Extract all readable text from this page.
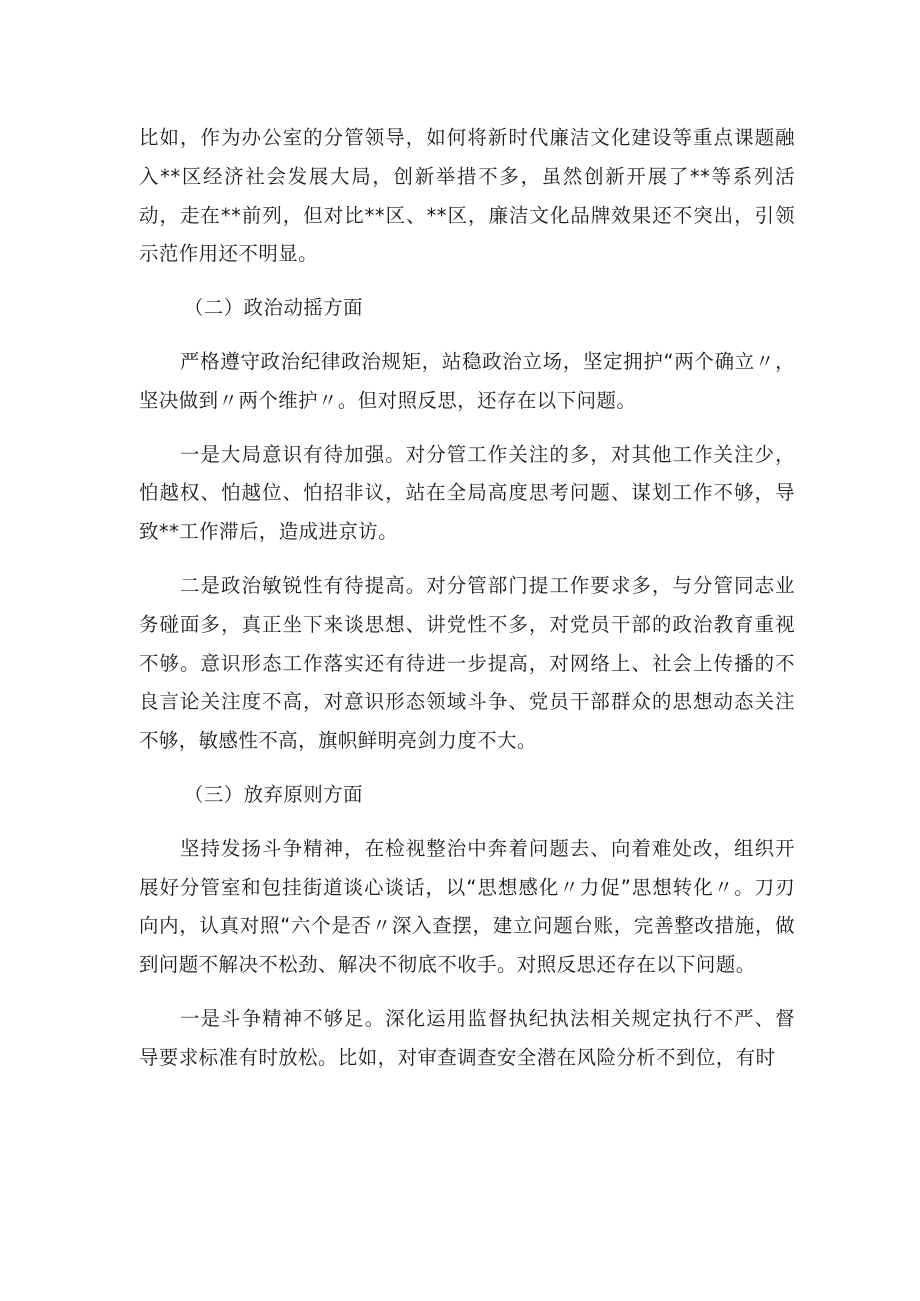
比如，作为办公室的分管领导，如何将新时代廉洁文化建设等重点课题融入**区经济社会发展大局，创新举措不多，虽然创新开展了**等系列活动，走在**前列，但对比**区、**区，廉洁文化品牌效果还不突出，引领示范作用还不明显。

（二）政治动摇方面

严格遵守政治纪律政治规矩，站稳政治立场，坚定拥护“两个确立〃，坚决做到〃两个维护〃。但对照反思，还存在以下问题。

一是大局意识有待加强。对分管工作关注的多，对其他工作关注少，怕越权、怕越位、怕招非议，站在全局高度思考问题、谋划工作不够，导致**工作滞后，造成进京访。

二是政治敏锐性有待提高。对分管部门提工作要求多，与分管同志业务碰面多，真正坐下来谈思想、讲党性不多，对党员干部的政治教育重视不够。意识形态工作落实还有待进一步提高，对网络上、社会上传播的不良言论关注度不高，对意识形态领域斗争、党员干部群众的思想动态关注不够，敏感性不高，旗帜鲜明亮剑力度不大。

（三）放弃原则方面

坚持发扬斗争精神，在检视整治中奔着问题去、向着难处改，组织开展好分管室和包挂街道谈心谈话，以“思想感化〃力促”思想转化〃。刀刃向内，认真对照“六个是否〃深入查摆，建立问题台账，完善整改措施，做到问题不解决不松劲、解决不彻底不收手。对照反思还存在以下问题。

一是斗争精神不够足。深化运用监督执纪执法相关规定执行不严、督导要求标准有时放松。比如，对审查调查安全潜在风险分析不到位，有时
